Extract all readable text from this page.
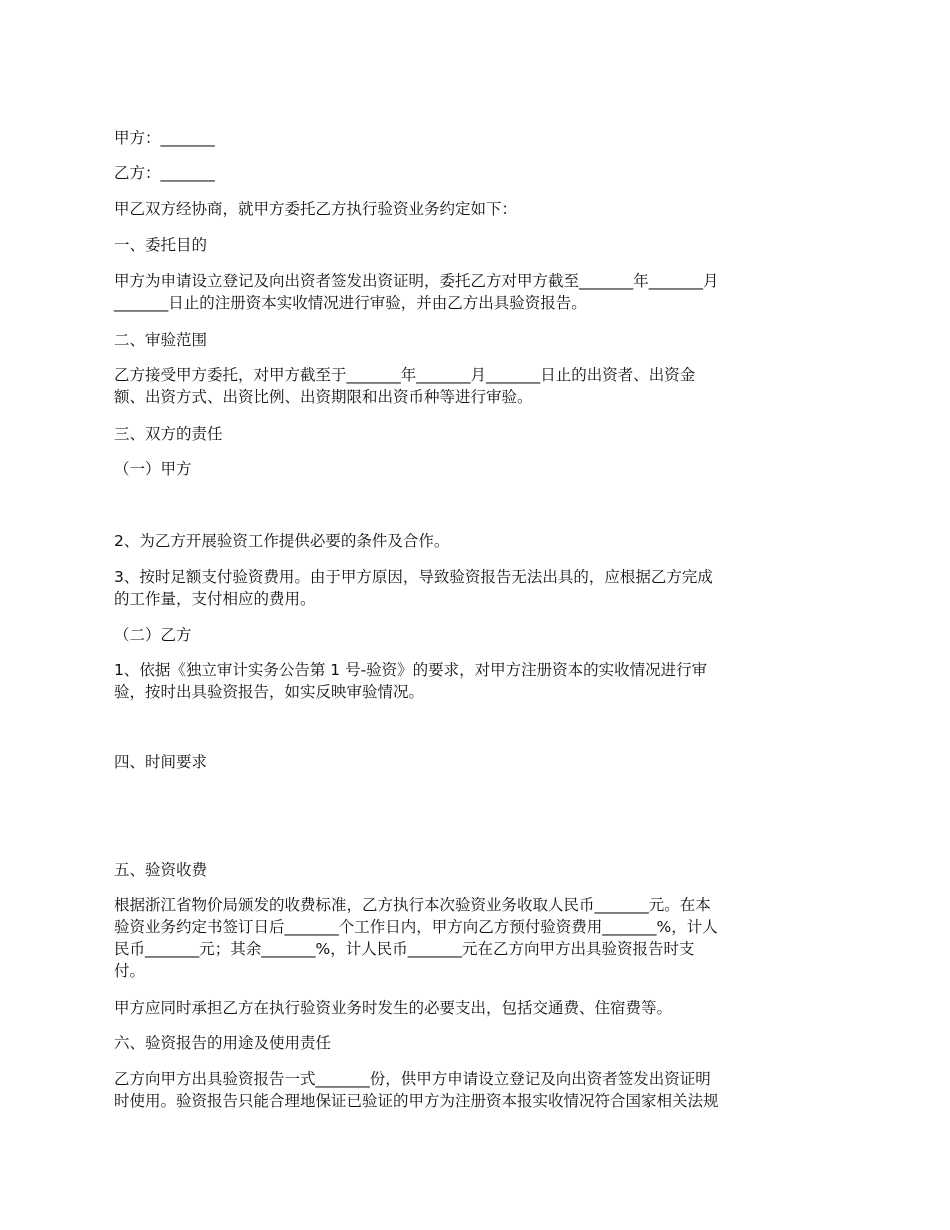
甲方：_______

乙方：_______

甲乙双方经协商，就甲方委托乙方执行验资业务约定如下：

一、委托目的

甲方为申请设立登记及向出资者签发出资证明，委托乙方对甲方截至_______年_______月
_______日止的注册资本实收情况进行审验，并由乙方出具验资报告。

二、审验范围

乙方接受甲方委托，对甲方截至于_______年_______月_______日止的出资者、出资金
额、出资方式、出资比例、出资期限和出资币种等进行审验。

三、双方的责任

（一）甲方

2、为乙方开展验资工作提供必要的条件及合作。

3、按时足额支付验资费用。由于甲方原因，导致验资报告无法出具的，应根据乙方完成
的工作量，支付相应的费用。

（二）乙方

1、依据《独立审计实务公告第 1 号-验资》的要求，对甲方注册资本的实收情况进行审
验，按时出具验资报告，如实反映审验情况。

四、时间要求

五、验资收费

根据浙江省物价局颁发的收费标准，乙方执行本次验资业务收取人民币_______元。在本
验资业务约定书签订日后_______个工作日内，甲方向乙方预付验资费用_______%，计人
民币_______元；其余_______%，计人民币_______元在乙方向甲方出具验资报告时支
付。

甲方应同时承担乙方在执行验资业务时发生的必要支出，包括交通费、住宿费等。

六、验资报告的用途及使用责任

乙方向甲方出具验资报告一式_______份，供甲方申请设立登记及向出资者签发出资证明
时使用。验资报告只能合理地保证已验证的甲方为注册资本报实收情况符合国家相关法规
